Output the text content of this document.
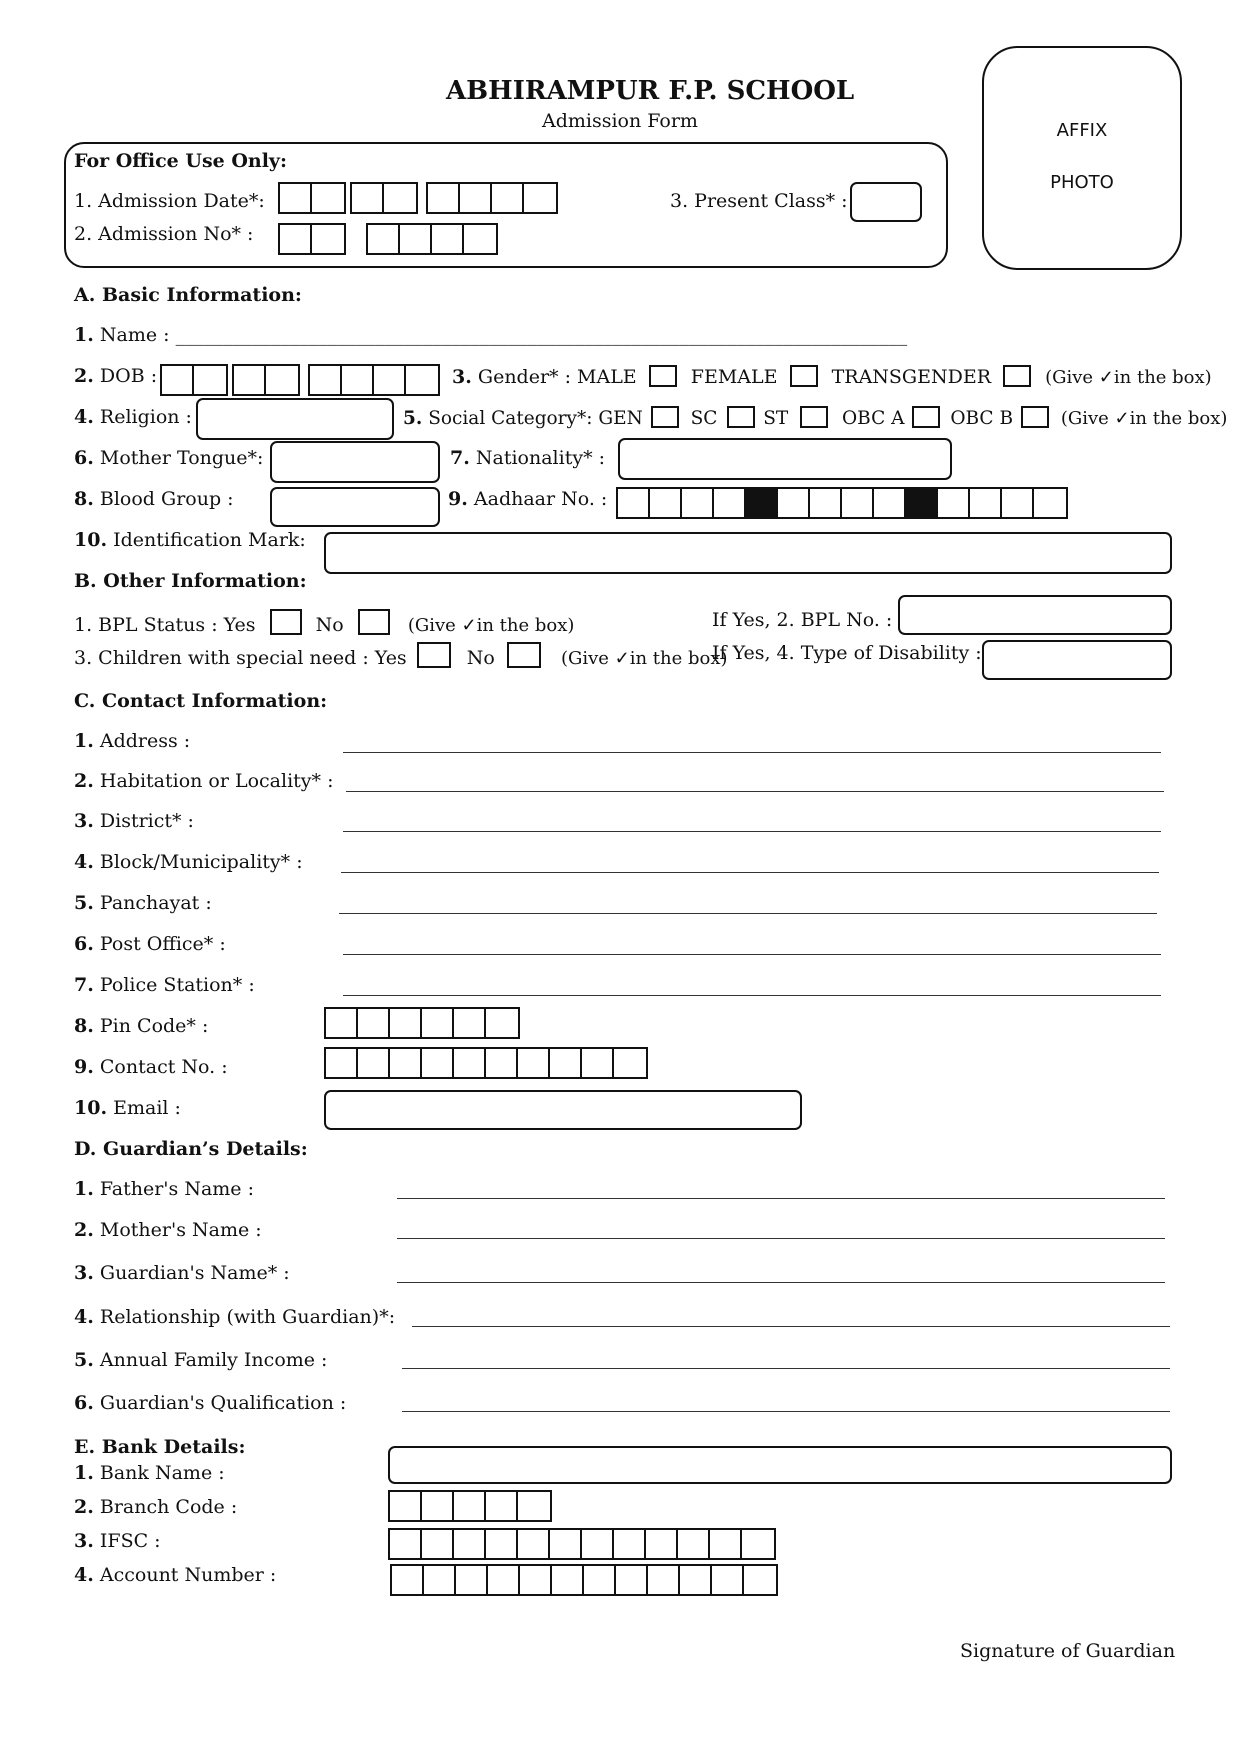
ABHIRAMPUR F.P. SCHOOL
Admission Form	AFFIX
PHOTO
For Office Use Only:
1. Admission Date*:
2. Admission No* :
3. Present Class* :
A. Basic Information:
1. Name : _____________________________________________________________________________
2. DOB :	3. Gender* : MALE	FEMALE	TRANSGENDER	(Give ✓in the box)
4. Religion :	5. Social Category*: GEN	SC ST	OBC A OBC B	(Give ✓in the box)
6. Mother Tongue*:	7. Nationality* :
8. Blood Group :	9. Aadhaar No. :
10. Identification Mark:
B. Other Information:
1. BPL Status : Yes	No	(Give ✓in the box)	If Yes, 2. BPL No. :
3. Children with special need : Yes	No	(Give ✓in the box)
If Yes, 4. Type of Disability :
C. Contact Information:
1. Address :
2. Habitation or Locality* :
3. District* :
4. Block/Municipality* :
5. Panchayat :
6. Post Office* :
7. Police Station* :
8. Pin Code* :
9. Contact No. :
10. Email :
D. Guardian’s Details:
1. Father's Name :
2. Mother's Name :
3. Guardian's Name* :
4. Relationship (with Guardian)*:
5. Annual Family Income :
6. Guardian's Qualification :
E. Bank Details:
1. Bank Name :
2. Branch Code :
3. IFSC :
4. Account Number :
Signature of Guardian
